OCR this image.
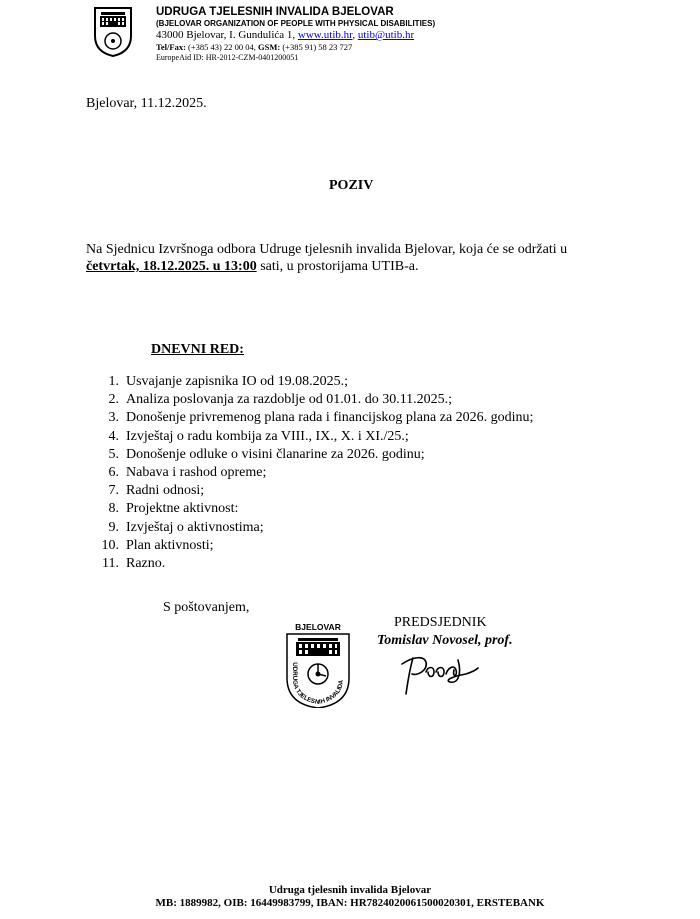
UDRUGA TJELESNIH INVALIDA BJELOVAR
(BJELOVAR ORGANIZATION OF PEOPLE WITH PHYSICAL DISABILITIES)
43000 Bjelovar, I. Gundulića 1, www.utib.hr, utib@utib.hr
Tel/Fax: (+385 43) 22 00 04, GSM: (+385 91) 58 23 727
EuropeAid ID: HR-2012-CZM-0401200051
Bjelovar, 11.12.2025.
POZIV
Na Sjednicu Izvršnoga odbora Udruge tjelesnih invalida Bjelovar, koja će se održati u
četvrtak, 18.12.2025. u 13:00 sati, u prostorijama UTIB-a.
DNEVNI RED:
1. Usvajanje zapisnika IO od 19.08.2025.;
2. Analiza poslovanja za razdoblje od 01.01. do 30.11.2025.;
3. Donošenje privremenog plana rada i financijskog plana za 2026. godinu;
4. Izvještaj o radu kombija za VIII., IX., X. i XI./25.;
5. Donošenje odluke o visini članarine za 2026. godinu;
6. Nabava i rashod opreme;
7. Radni odnosi;
8. Projektne aktivnost:
9. Izvještaj o aktivnostima;
10. Plan aktivnosti;
11. Razno.
S poštovanjem,
BJELOVAR
UDRUGA TJELESNIH INVALIDA
PREDSJEDNIK
Tomislav Novosel, prof.
Udruga tjelesnih invalida Bjelovar
MB: 1889982, OIB: 16449983799, IBAN: HR7824020061500020301, ERSTEBANK
